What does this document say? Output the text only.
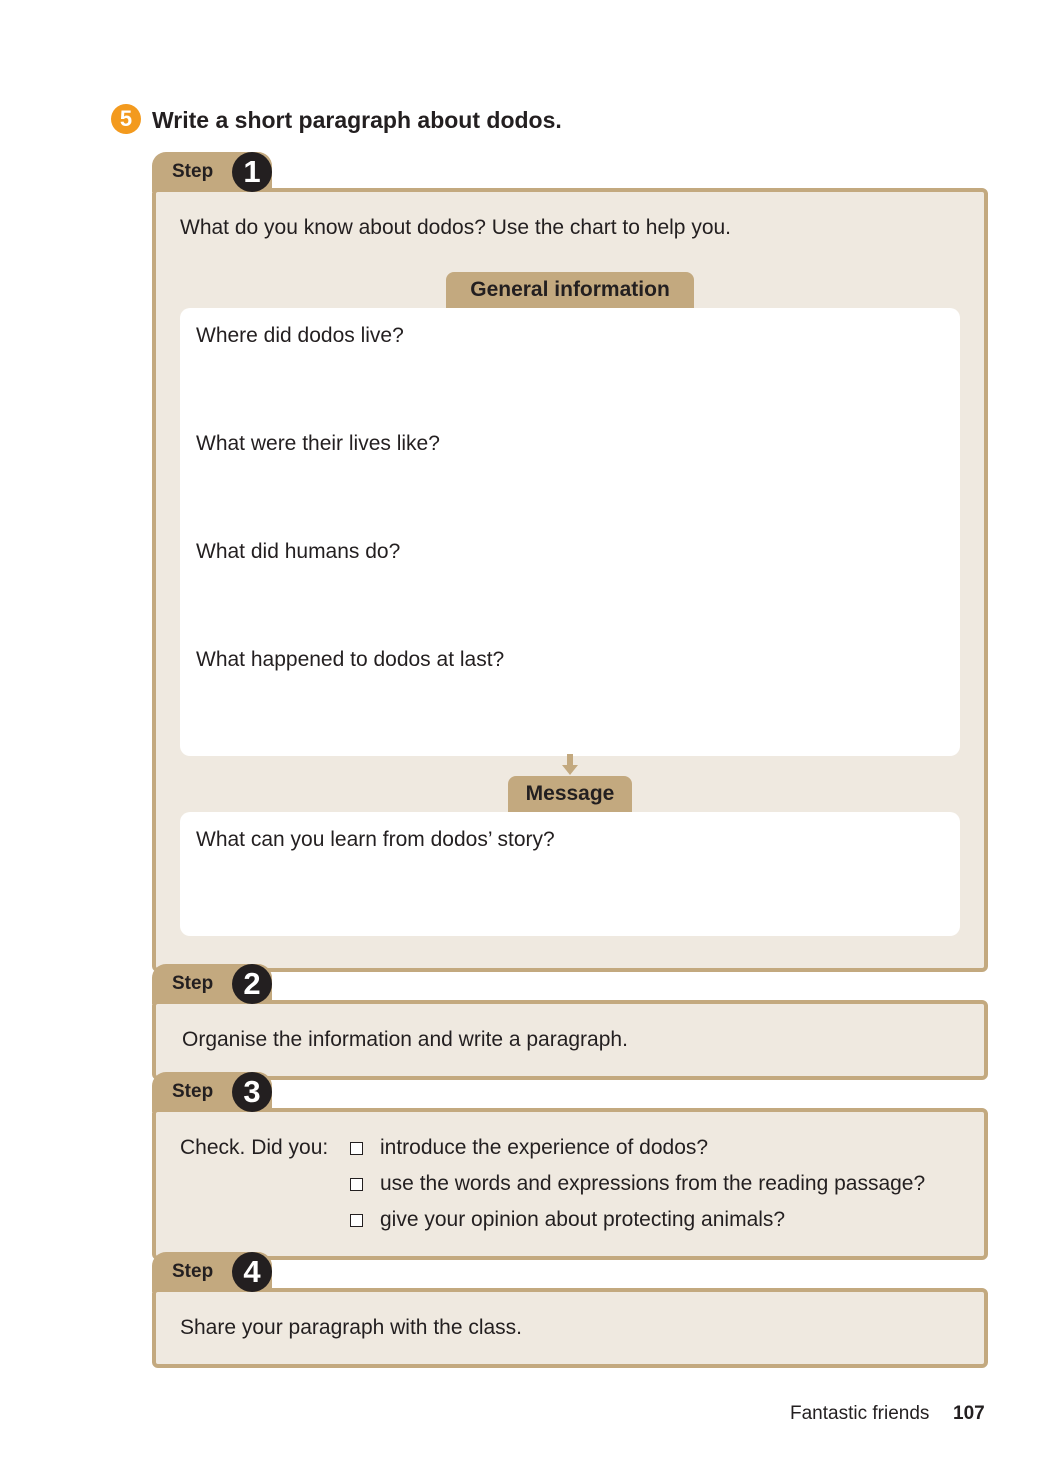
5 Write a short paragraph about dodos.
Step 1
What do you know about dodos? Use the chart to help you.
General information
Where did dodos live?
What were their lives like?
What did humans do?
What happened to dodos at last?
Message
What can you learn from dodos’ story?
Step 2
Organise the information and write a paragraph.
Step 3
Check. Did you: introduce the experience of dodos?
use the words and expressions from the reading passage?
give your opinion about protecting animals?
Step 4
Share your paragraph with the class.
Fantastic friends 107
